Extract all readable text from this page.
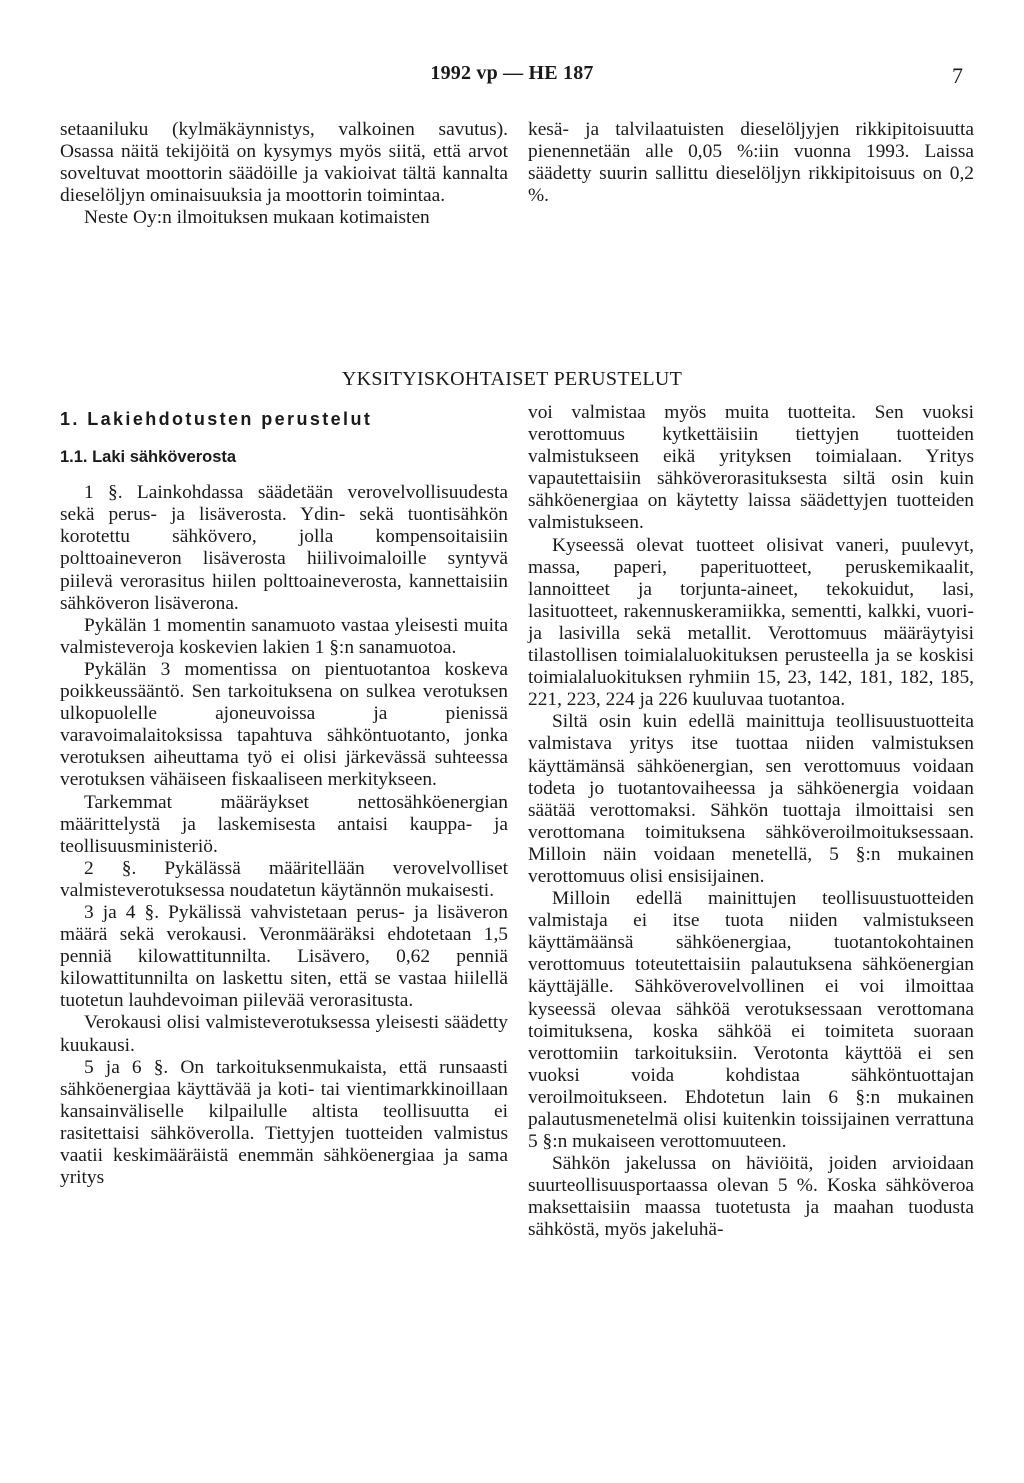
1992 vp — HE 187	7

setaaniluku (kylmäkäynnistys, valkoinen savutus). Osassa näitä tekijöitä on kysymys myös siitä, että arvot soveltuvat moottorin säädöille ja vakioivat tältä kannalta dieselöljyn ominaisuuksia ja moottorin toimintaa.

Neste Oy:n ilmoituksen mukaan kotimaisten

kesä- ja talvilaatuisten dieselöljyjen rikkipitoisuutta pienennetään alle 0,05 %:iin vuonna 1993. Laissa säädetty suurin sallittu dieselöljyn rikkipitoisuus on 0,2 %.

YKSITYISKOHTAISET PERUSTELUT

1. Lakiehdotusten perustelut

1.1. Laki sähköverosta

1 §. Lainkohdassa säädetään verovelvollisuudesta sekä perus- ja lisäverosta. Ydin- sekä tuontisähkön korotettu sähkövero, jolla kompensoitaisiin polttoaineveron lisäverosta hiilivoimaloille syntyvä piilevä verorasitus hiilen polttoaineverosta, kannettaisiin sähköveron lisäverona.

Pykälän 1 momentin sanamuoto vastaa yleisesti muita valmisteveroja koskevien lakien 1 §:n sanamuotoa.

Pykälän 3 momentissa on pientuotantoa koskeva poikkeussääntö. Sen tarkoituksena on sulkea verotuksen ulkopuolelle ajoneuvoissa ja pienissä varavoimalaitoksissa tapahtuva sähköntuotanto, jonka verotuksen aiheuttama työ ei olisi järkevässä suhteessa verotuksen vähäiseen fiskaaliseen merkitykseen.

Tarkemmat määräykset nettosähköenergian määrittelystä ja laskemisesta antaisi kauppa- ja teollisuusministeriö.

2 §. Pykälässä määritellään verovelvolliset valmisteverotuksessa noudatetun käytännön mukaisesti.

3 ja 4 §. Pykälissä vahvistetaan perus- ja lisäveron määrä sekä verokausi. Veronmääräksi ehdotetaan 1,5 penniä kilowattitunnilta. Lisävero, 0,62 penniä kilowattitunnilta on laskettu siten, että se vastaa hiilellä tuotetun lauhdevoiman piilevää verorasitusta.

Verokausi olisi valmisteverotuksessa yleisesti säädetty kuukausi.

5 ja 6 §. On tarkoituksenmukaista, että runsaasti sähköenergiaa käyttävää ja koti- tai vientimarkkinoillaan kansainväliselle kilpailulle altista teollisuutta ei rasitettaisi sähköverolla. Tiettyjen tuotteiden valmistus vaatii keskimääräistä enemmän sähköenergiaa ja sama yritys

voi valmistaa myös muita tuotteita. Sen vuoksi verottomuus kytkettäisiin tiettyjen tuotteiden valmistukseen eikä yrityksen toimialaan. Yritys vapautettaisiin sähköverorasituksesta siltä osin kuin sähköenergiaa on käytetty laissa säädettyjen tuotteiden valmistukseen.

Kyseessä olevat tuotteet olisivat vaneri, puulevyt, massa, paperi, paperituotteet, peruskemikaalit, lannoitteet ja torjunta-aineet, tekokuidut, lasi, lasituotteet, rakennuskeramiikka, sementti, kalkki, vuori- ja lasivilla sekä metallit. Verottomuus määräytyisi tilastollisen toimialaluokituksen perusteella ja se koskisi toimialaluokituksen ryhmiin 15, 23, 142, 181, 182, 185, 221, 223, 224 ja 226 kuuluvaa tuotantoa.

Siltä osin kuin edellä mainittuja teollisuustuotteita valmistava yritys itse tuottaa niiden valmistuksen käyttämänsä sähköenergian, sen verottomuus voidaan todeta jo tuotantovaiheessa ja sähköenergia voidaan säätää verottomaksi. Sähkön tuottaja ilmoittaisi sen verottomana toimituksena sähköveroilmoituksessaan. Milloin näin voidaan menetellä, 5 §:n mukainen verottomuus olisi ensisijainen.

Milloin edellä mainittujen teollisuustuotteiden valmistaja ei itse tuota niiden valmistukseen käyttämäänsä sähköenergiaa, tuotantokohtainen verottomuus toteutettaisiin palautuksena sähköenergian käyttäjälle. Sähköverovelvollinen ei voi ilmoittaa kyseessä olevaa sähköä verotuksessaan verottomana toimituksena, koska sähköä ei toimiteta suoraan verottomiin tarkoituksiin. Verotonta käyttöä ei sen vuoksi voida kohdistaa sähköntuottajan veroilmoitukseen. Ehdotetun lain 6 §:n mukainen palautusmenetelmä olisi kuitenkin toissijainen verrattuna 5 §:n mukaiseen verottomuuteen.

Sähkön jakelussa on häviöitä, joiden arvioidaan suurteollisuusportaassa olevan 5 %. Koska sähköveroa maksettaisiin maassa tuotetusta ja maahan tuodusta sähköstä, myös jakeluhä-
